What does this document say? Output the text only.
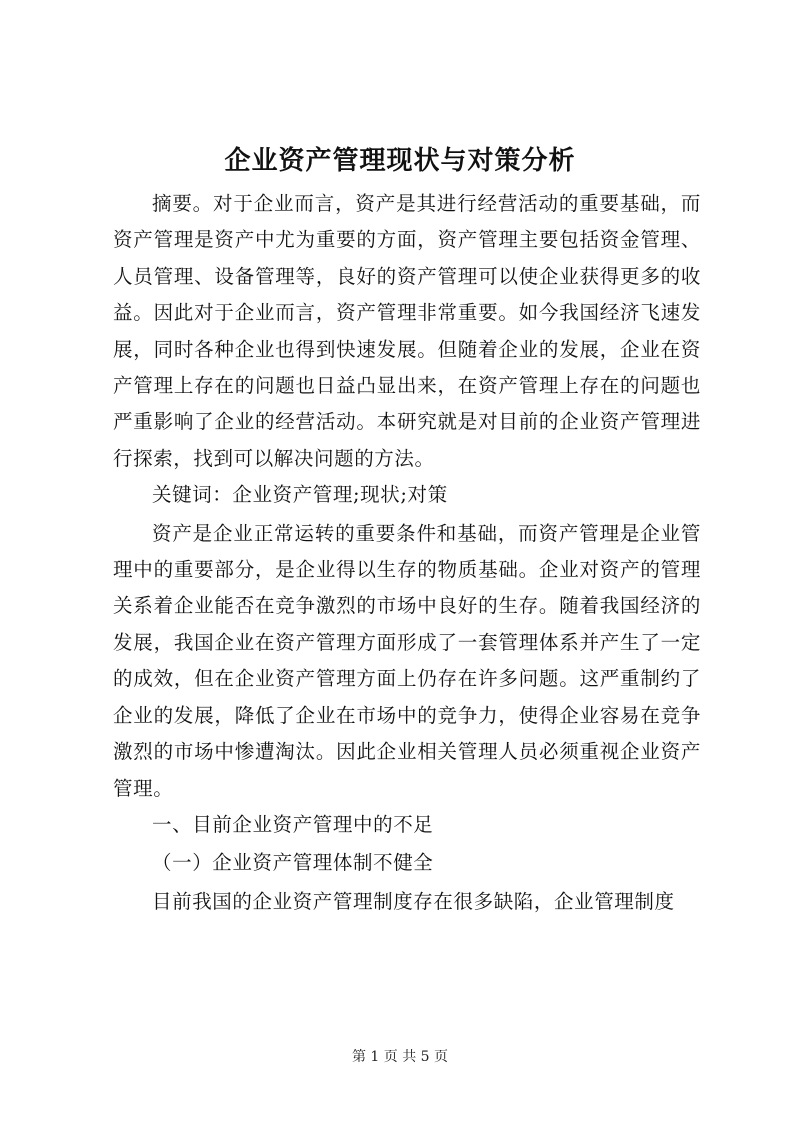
企业资产管理现状与对策分析

摘要。对于企业而言，资产是其进行经营活动的重要基础，而资产管理是资产中尤为重要的方面，资产管理主要包括资金管理、人员管理、设备管理等，良好的资产管理可以使企业获得更多的收益。因此对于企业而言，资产管理非常重要。如今我国经济飞速发展，同时各种企业也得到快速发展。但随着企业的发展，企业在资产管理上存在的问题也日益凸显出来，在资产管理上存在的问题也严重影响了企业的经营活动。本研究就是对目前的企业资产管理进行探索，找到可以解决问题的方法。

关键词：企业资产管理;现状;对策

资产是企业正常运转的重要条件和基础，而资产管理是企业管理中的重要部分，是企业得以生存的物质基础。企业对资产的管理关系着企业能否在竞争激烈的市场中良好的生存。随着我国经济的发展，我国企业在资产管理方面形成了一套管理体系并产生了一定的成效，但在企业资产管理方面上仍存在许多问题。这严重制约了企业的发展，降低了企业在市场中的竞争力，使得企业容易在竞争激烈的市场中惨遭淘汰。因此企业相关管理人员必须重视企业资产管理。

一、目前企业资产管理中的不足

（一）企业资产管理体制不健全

目前我国的企业资产管理制度存在很多缺陷，企业管理制度

第 1 页 共 5 页
